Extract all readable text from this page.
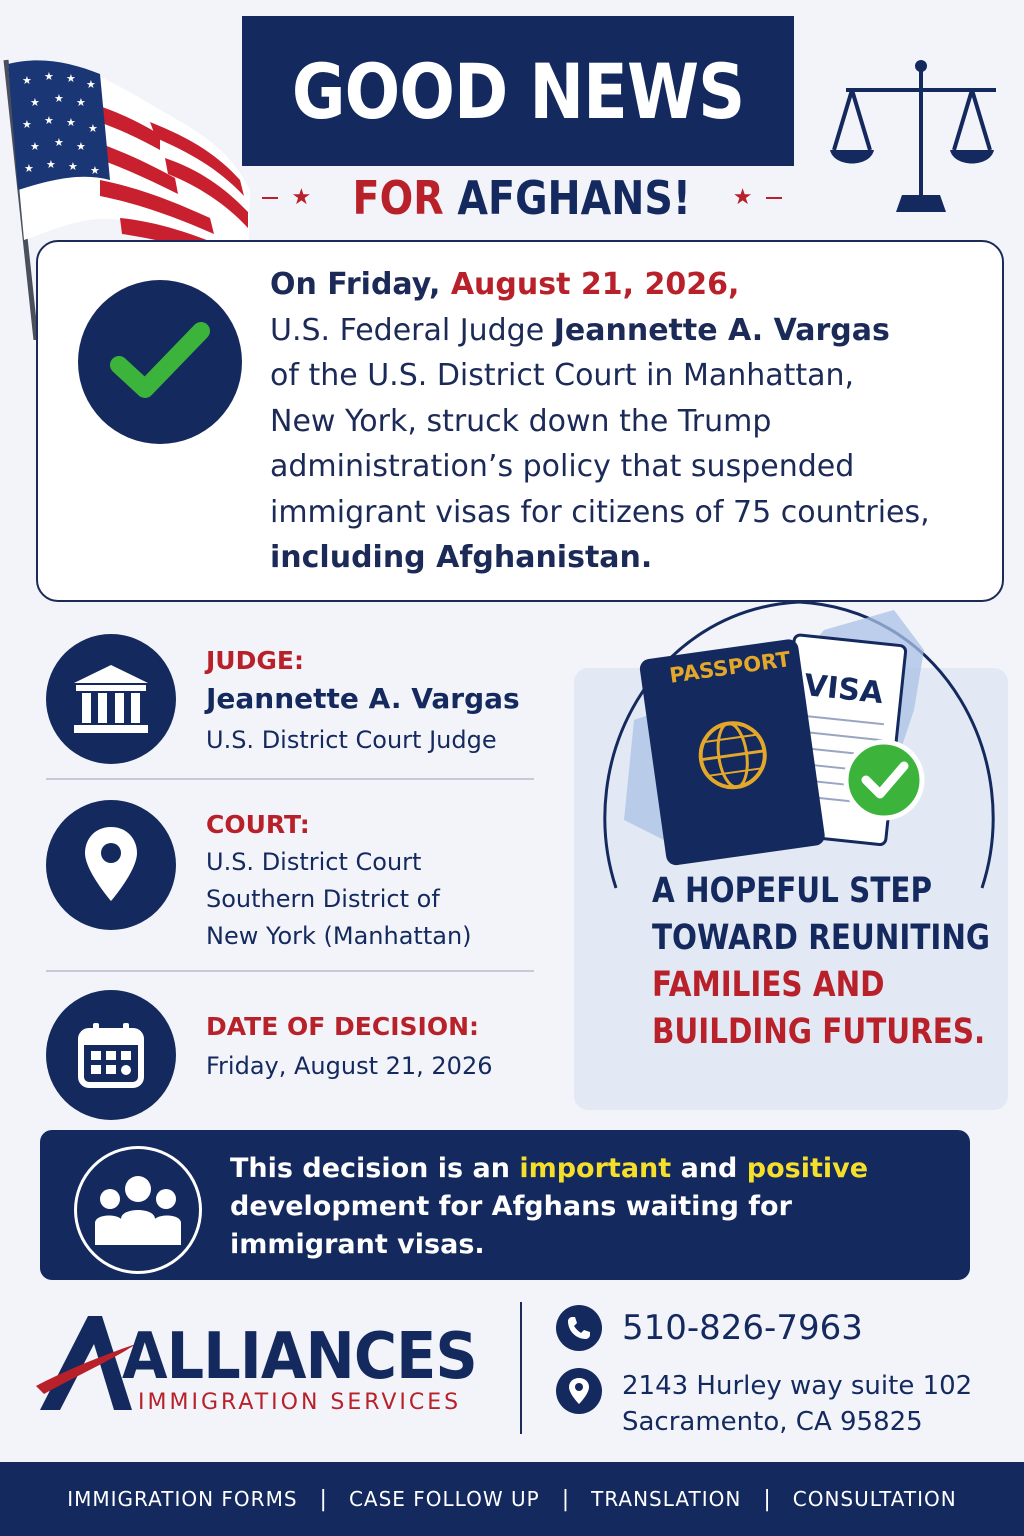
★ ★ ★ ★
★ ★ ★
★ ★ ★ ★
★ ★ ★
★ ★ ★ ★
GOOD NEWS
★ FOR AFGHANS! ★
On Friday, August 21, 2026,
U.S. Federal Judge Jeannette A. Vargas
of the U.S. District Court in Manhattan,
New York, struck down the Trump
administration’s policy that suspended
immigrant visas for citizens of 75 countries,
including Afghanistan.
JUDGE:
Jeannette A. Vargas
U.S. District Court Judge
COURT:
U.S. District Court
Southern District of
New York (Manhattan)
DATE OF DECISION:
Friday, August 21, 2026
PASSPORT
VISA
A HOPEFUL STEP
TOWARD REUNITING
FAMILIES AND
BUILDING FUTURES.
This decision is an important and positive development for Afghans waiting for immigrant visas.
ALLIANCES
IMMIGRATION SERVICES
510-826-7963
2143 Hurley way suite 102
Sacramento, CA 95825
IMMIGRATION FORMS | CASE FOLLOW UP | TRANSLATION | CONSULTATION
